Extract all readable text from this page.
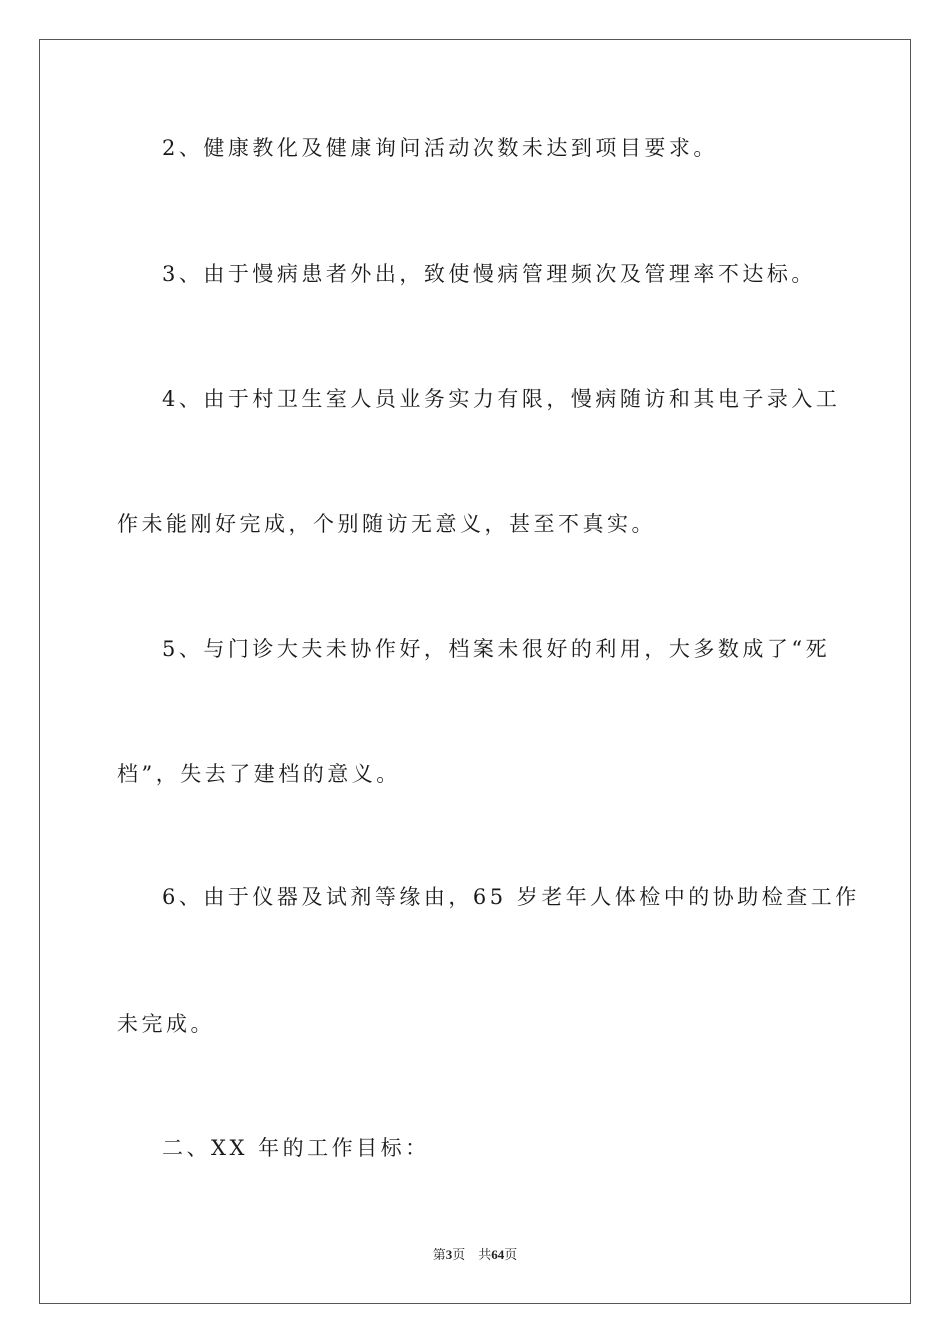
2、健康教化及健康询问活动次数未达到项目要求。
3、由于慢病患者外出，致使慢病管理频次及管理率不达标。
4、由于村卫生室人员业务实力有限，慢病随访和其电子录入工
作未能刚好完成，个别随访无意义，甚至不真实。
5、与门诊大夫未协作好，档案未很好的利用，大多数成了“死
档”，失去了建档的意义。
6、由于仪器及试剂等缘由，65 岁老年人体检中的协助检查工作
未完成。
二、XX 年的工作目标：
第3页 共64页
